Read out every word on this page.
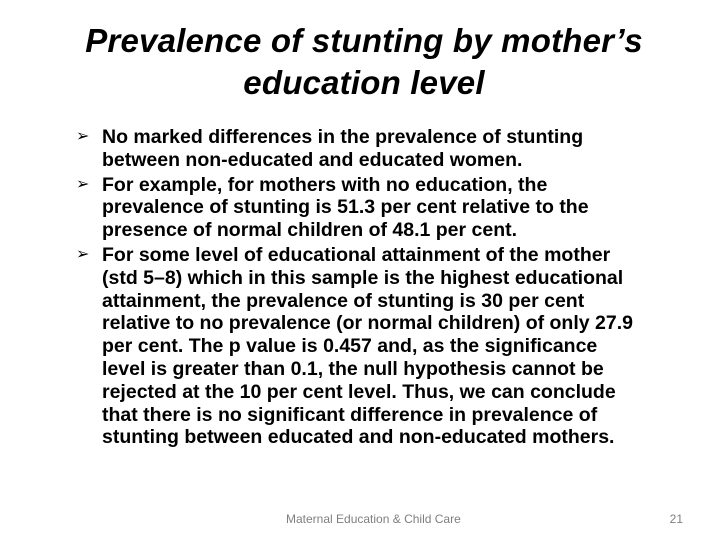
Prevalence of stunting by mother’s
education level
➢ No marked differences in the prevalence of stunting
between non-educated and educated women.
➢ For example, for mothers with no education, the
prevalence of stunting is 51.3 per cent relative to the
presence of normal children of 48.1 per cent.
➢ For some level of educational attainment of the mother
(std 5–8) which in this sample is the highest educational
attainment, the prevalence of stunting is 30 per cent
relative to no prevalence (or normal children) of only 27.9
per cent. The p value is 0.457 and, as the significance
level is greater than 0.1, the null hypothesis cannot be
rejected at the 10 per cent level. Thus, we can conclude
that there is no significant difference in prevalence of
stunting between educated and non-educated mothers.
Maternal Education & Child Care	21
